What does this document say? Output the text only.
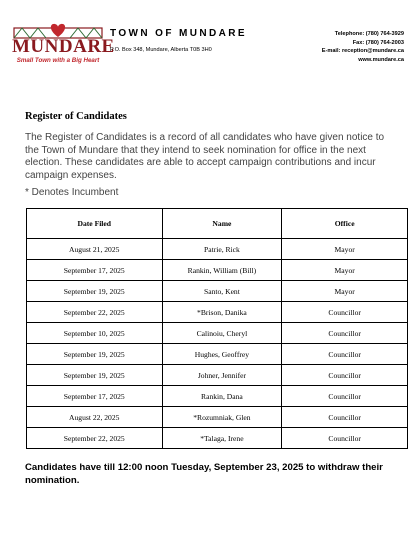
MUNDARE
Small Town with a Big Heart
TOWN OF MUNDARE
P.O. Box 348, Mundare, Alberta T0B 3H0
Telephone: (780) 764-3929
Fax: (780) 764-2003
E-mail: reception@mundare.ca
www.mundare.ca
Register of Candidates
The Register of Candidates is a record of all candidates who have given notice to the Town of Mundare that they intend to seek nomination for office in the next election. These candidates are able to accept campaign contributions and incur campaign expenses.
* Denotes Incumbent
Date Filed	Name	Office
August 21, 2025	Patrie, Rick	Mayor
September 17, 2025	Rankin, William (Bill)	Mayor
September 19, 2025	Santo, Kent	Mayor
September 22, 2025	*Brison, Danika	Councillor
September 10, 2025	Calinoiu, Cheryl	Councillor
September 19, 2025	Hughes, Geoffrey	Councillor
September 19, 2025	Johner, Jennifer	Councillor
September 17, 2025	Rankin, Dana	Councillor
August 22, 2025	*Rozumniak, Glen	Councillor
September 22, 2025	*Talaga, Irene	Councillor
Candidates have till 12:00 noon Tuesday, September 23, 2025 to withdraw their nomination.
